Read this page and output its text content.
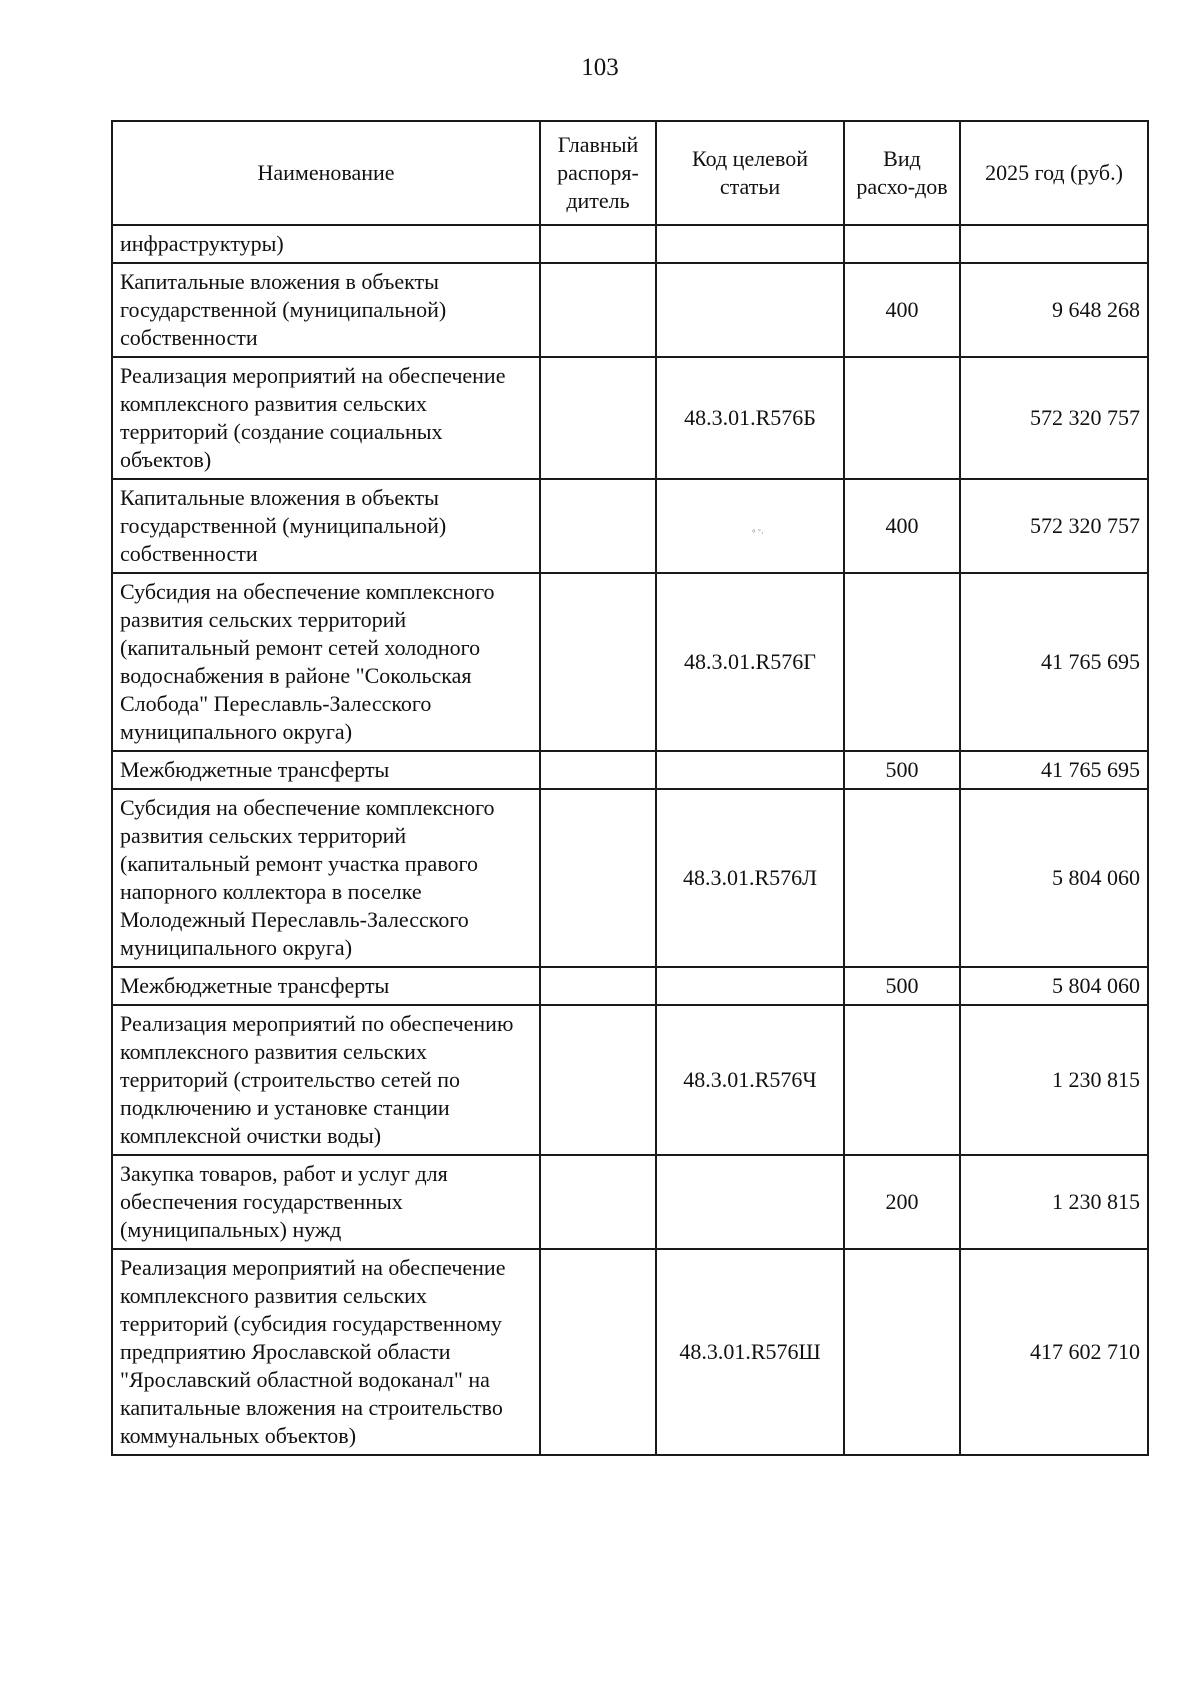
103
Наименование	Главный распоря-дитель	Код целевой статьи	Вид расхо-дов	2025 год (руб.)
инфраструктуры)				
Капитальные вложения в объекты государственной (муниципальной) собственности			400	9 648 268
Реализация мероприятий на обеспечение комплексного развития сельских территорий (создание социальных объектов)		48.3.01.R576Б		572 320 757
Капитальные вложения в объекты государственной (муниципальной) собственности			400	572 320 757
Субсидия на обеспечение комплексного развития сельских территорий (капитальный ремонт сетей холодного водоснабжения в районе "Сокольская Слобода" Переславль-Залесского муниципального округа)		48.3.01.R576Г		41 765 695
Межбюджетные трансферты			500	41 765 695
Субсидия на обеспечение комплексного развития сельских территорий (капитальный ремонт участка правого напорного коллектора в поселке Молодежный Переславль-Залесского муниципального округа)		48.3.01.R576Л		5 804 060
Межбюджетные трансферты			500	5 804 060
Реализация мероприятий по обеспечению комплексного развития сельских территорий (строительство сетей по подключению и установке станции комплексной очистки воды)		48.3.01.R576Ч		1 230 815
Закупка товаров, работ и услуг для обеспечения государственных (муниципальных) нужд			200	1 230 815
Реализация мероприятий на обеспечение комплексного развития сельских территорий (субсидия государственному предприятию Ярославской области "Ярославский областной водоканал" на капитальные вложения на строительство коммунальных объектов)		48.3.01.R576Ш		417 602 710
° ˜·
